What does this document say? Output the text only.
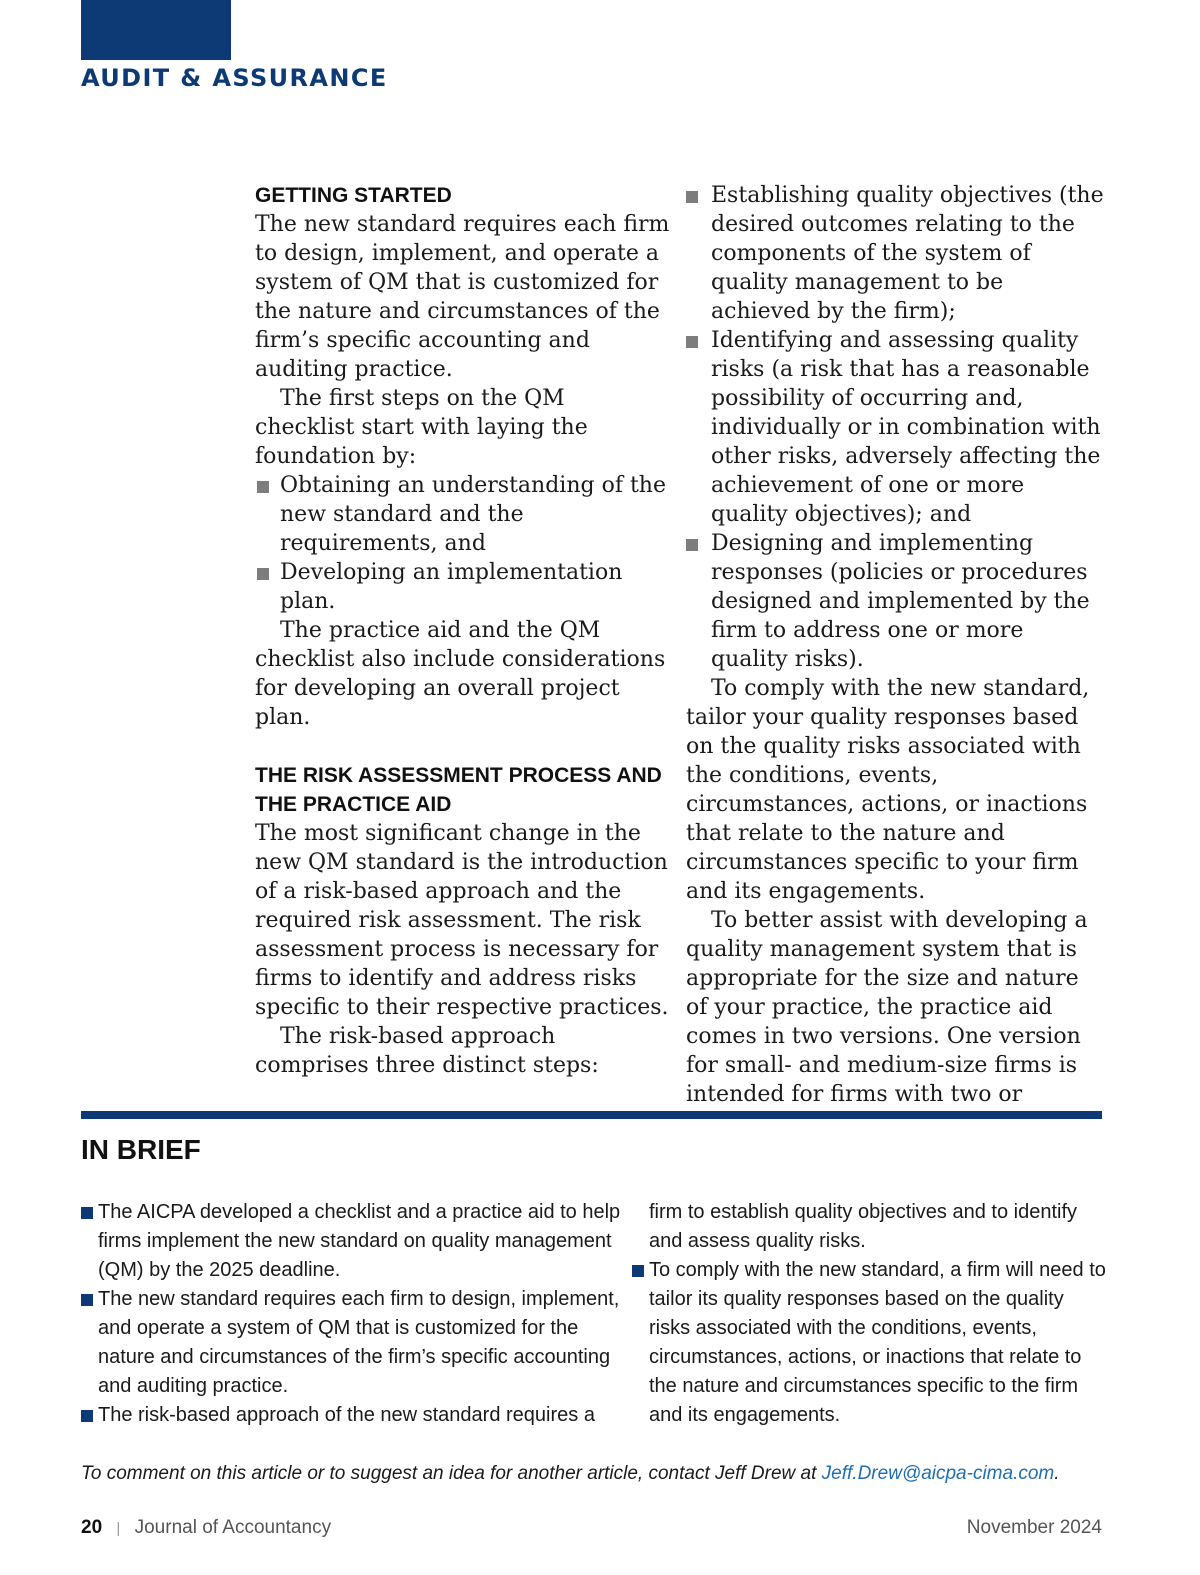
AUDIT & ASSURANCE
GETTING STARTED

The new standard requires each firm to design, implement, and operate a system of QM that is customized for the nature and circumstances of the firm’s specific accounting and auditing practice.

The first steps on the QM checklist start with laying the foundation by:

Obtaining an understanding of the new standard and the requirements, and
Developing an implementation plan.

The practice aid and the QM checklist also include considerations for developing an overall project plan.

THE RISK ASSESSMENT PROCESS AND THE PRACTICE AID

The most significant change in the new QM standard is the introduction of a risk-based approach and the required risk assessment. The risk assessment process is necessary for firms to identify and address risks specific to their respective practices.

The risk-based approach comprises three distinct steps:

Establishing quality objectives (the desired outcomes relating to the components of the system of quality management to be achieved by the firm);
Identifying and assessing quality risks (a risk that has a reasonable possibility of occurring and, individually or in combination with other risks, adversely affecting the achievement of one or more quality objectives); and
Designing and implementing responses (policies or procedures designed and implemented by the firm to address one or more quality risks).

To comply with the new standard, tailor your quality responses based on the quality risks associated with the conditions, events, circumstances, actions, or inactions that relate to the nature and circumstances specific to your firm and its engagements.

To better assist with developing a quality management system that is appropriate for the size and nature of your practice, the practice aid comes in two versions. One version for small- and medium-size firms is intended for firms with two or

IN BRIEF
The AICPA developed a checklist and a practice aid to help firms implement the new standard on quality management (QM) by the 2025 deadline.
The new standard requires each firm to design, implement, and operate a system of QM that is customized for the nature and circumstances of the firm’s specific accounting and auditing practice.
The risk-based approach of the new standard requires a
firm to establish quality objectives and to identify and assess quality risks.
To comply with the new standard, a firm will need to tailor its quality responses based on the quality risks associated with the conditions, events, circumstances, actions, or inactions that relate to the nature and circumstances specific to the firm and its engagements.

To comment on this article or to suggest an idea for another article, contact Jeff Drew at Jeff.Drew@aicpa-cima.com.

20 | Journal of Accountancy	November 2024
